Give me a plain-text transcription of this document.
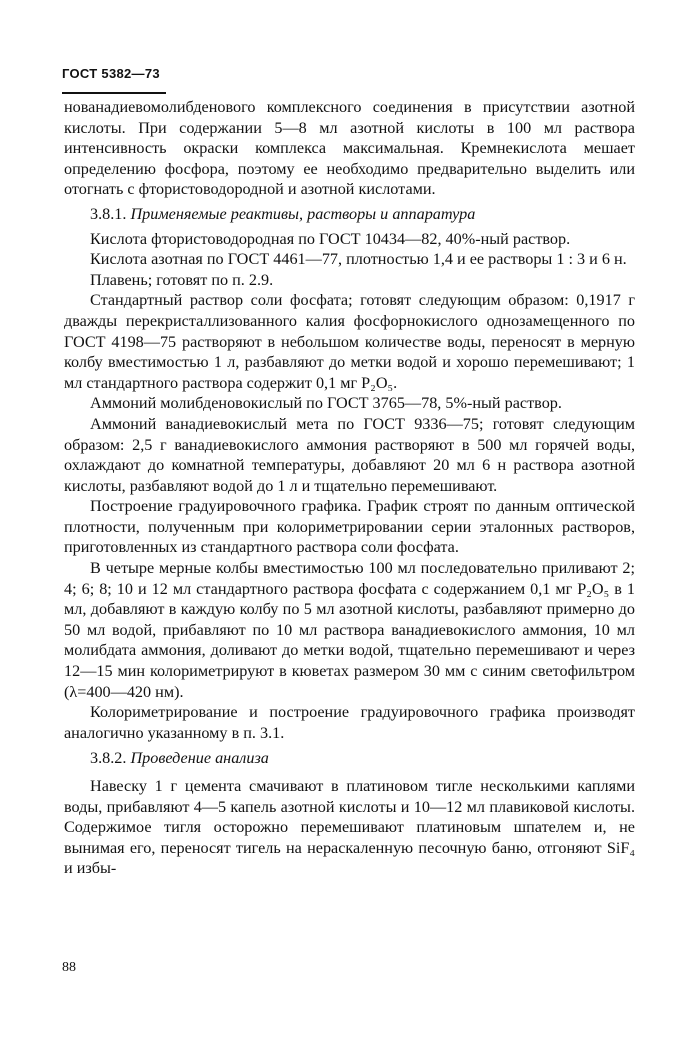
ГОСТ 5382—73

нованадиевомолибденового комплексного соединения в присутствии азотной кислоты. При содержании 5—8 мл азотной кислоты в 100 мл раствора интенсивность окраски комплекса максимальная. Кремнекислота мешает определению фосфора, поэтому ее необходимо предварительно выделить или отогнать с фтористоводородной и азотной кислотами.

3.8.1. Применяемые реактивы, растворы и аппаратура

Кислота фтористоводородная по ГОСТ 10434—82, 40%-ный раствор.

Кислота азотная по ГОСТ 4461—77, плотностью 1,4 и ее растворы 1 : 3 и 6 н.

Плавень; готовят по п. 2.9.

Стандартный раствор соли фосфата; готовят следующим образом: 0,1917 г дважды перекристаллизованного калия фосфорнокислого однозамещенного по ГОСТ 4198—75 растворяют в небольшом количестве воды, переносят в мерную колбу вместимостью 1 л, разбавляют до метки водой и хорошо перемешивают; 1 мл стандартного раствора содержит 0,1 мг P₂O₅.

Аммоний молибденовокислый по ГОСТ 3765—78, 5%-ный раствор.

Аммоний ванадиевокислый мета по ГОСТ 9336—75; готовят следующим образом: 2,5 г ванадиевокислого аммония растворяют в 500 мл горячей воды, охлаждают до комнатной температуры, добавляют 20 мл 6 н раствора азотной кислоты, разбавляют водой до 1 л и тщательно перемешивают.

Построение градуировочного графика. График строят по данным оптической плотности, полученным при колориметрировании серии эталонных растворов, приготовленных из стандартного раствора соли фосфата.

В четыре мерные колбы вместимостью 100 мл последовательно приливают 2; 4; 6; 8; 10 и 12 мл стандартного раствора фосфата с содержанием 0,1 мг P₂O₅ в 1 мл, добавляют в каждую колбу по 5 мл азотной кислоты, разбавляют примерно до 50 мл водой, прибавляют по 10 мл раствора ванадиевокислого аммония, 10 мл молибдата аммония, доливают до метки водой, тщательно перемешивают и через 12—15 мин колориметрируют в кюветах размером 30 мм с синим светофильтром (λ=400—420 нм).

Колориметрирование и построение градуировочного графика производят аналогично указанному в п. 3.1.

3.8.2. Проведение анализа

Навеску 1 г цемента смачивают в платиновом тигле несколькими каплями воды, прибавляют 4—5 капель азотной кислоты и 10—12 мл плавиковой кислоты. Содержимое тигля осторожно перемешивают платиновым шпателем и, не вынимая его, переносят тигель на нераскаленную песочную баню, отгоняют SiF₄ и избы-

88
